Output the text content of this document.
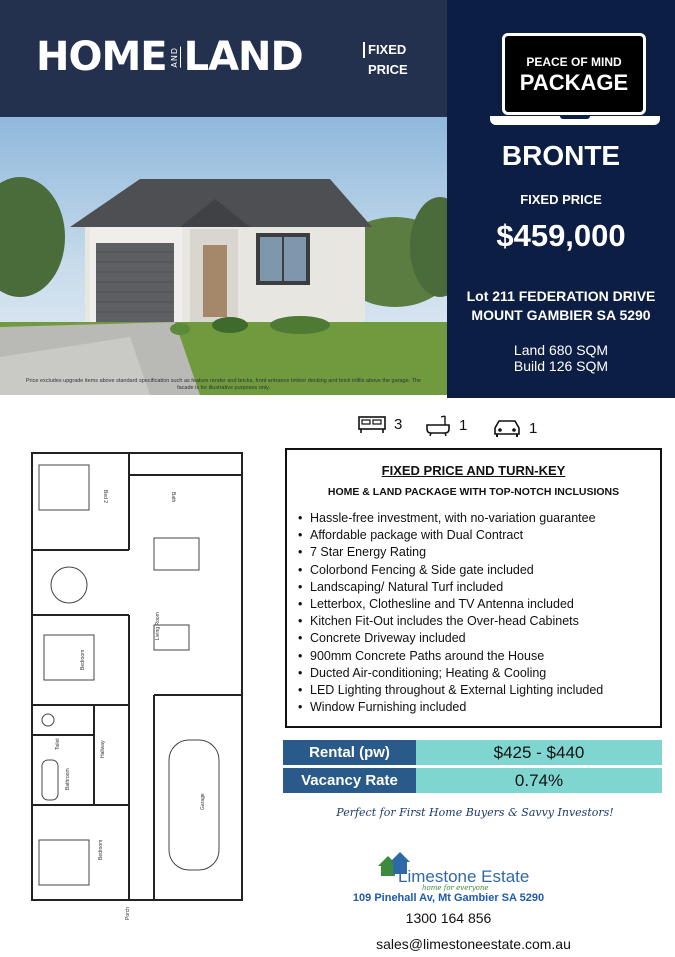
HOME AND LAND	FIXED
PRICE
Price excludes upgrade items above standard specification such as feature render and bricks, front entrance timber decking and brick infills above the garage. The facade is for illustrative purposes only.
PEACE OF MIND
PACKAGE
BRONTE
FIXED PRICE
$459,000
Lot 211 FEDERATION DRIVE
MOUNT GAMBIER SA 5290
Land 680 SQM
Build 126 SQM
Bed 2	Bath
Living Room
Bedroom
Toilet	Hallway
Bathroom
Garage
Bedroom
Porch
3	1	1
FIXED PRICE AND TURN-KEY
HOME & LAND PACKAGE WITH TOP-NOTCH INCLUSIONS
• Hassle-free investment, with no-variation guarantee
• Affordable package with Dual Contract
• 7 Star Energy Rating
• Colorbond Fencing & Side gate included
• Landscaping/ Natural Turf included
• Letterbox, Clothesline and TV Antenna included
• Kitchen Fit-Out includes the Over-head Cabinets
• Concrete Driveway included
• 900mm Concrete Paths around the House
• Ducted Air-conditioning; Heating & Cooling
• LED Lighting throughout & External Lighting included
• Window Furnishing included
Rental (pw)	$425 - $440
Vacancy Rate	0.74%
Perfect for First Home Buyers & Savvy Investors!
Limestone Estate
home for everyone
109 Pinehall Av, Mt Gambier SA 5290
1300 164 856
sales@limestoneestate.com.au
